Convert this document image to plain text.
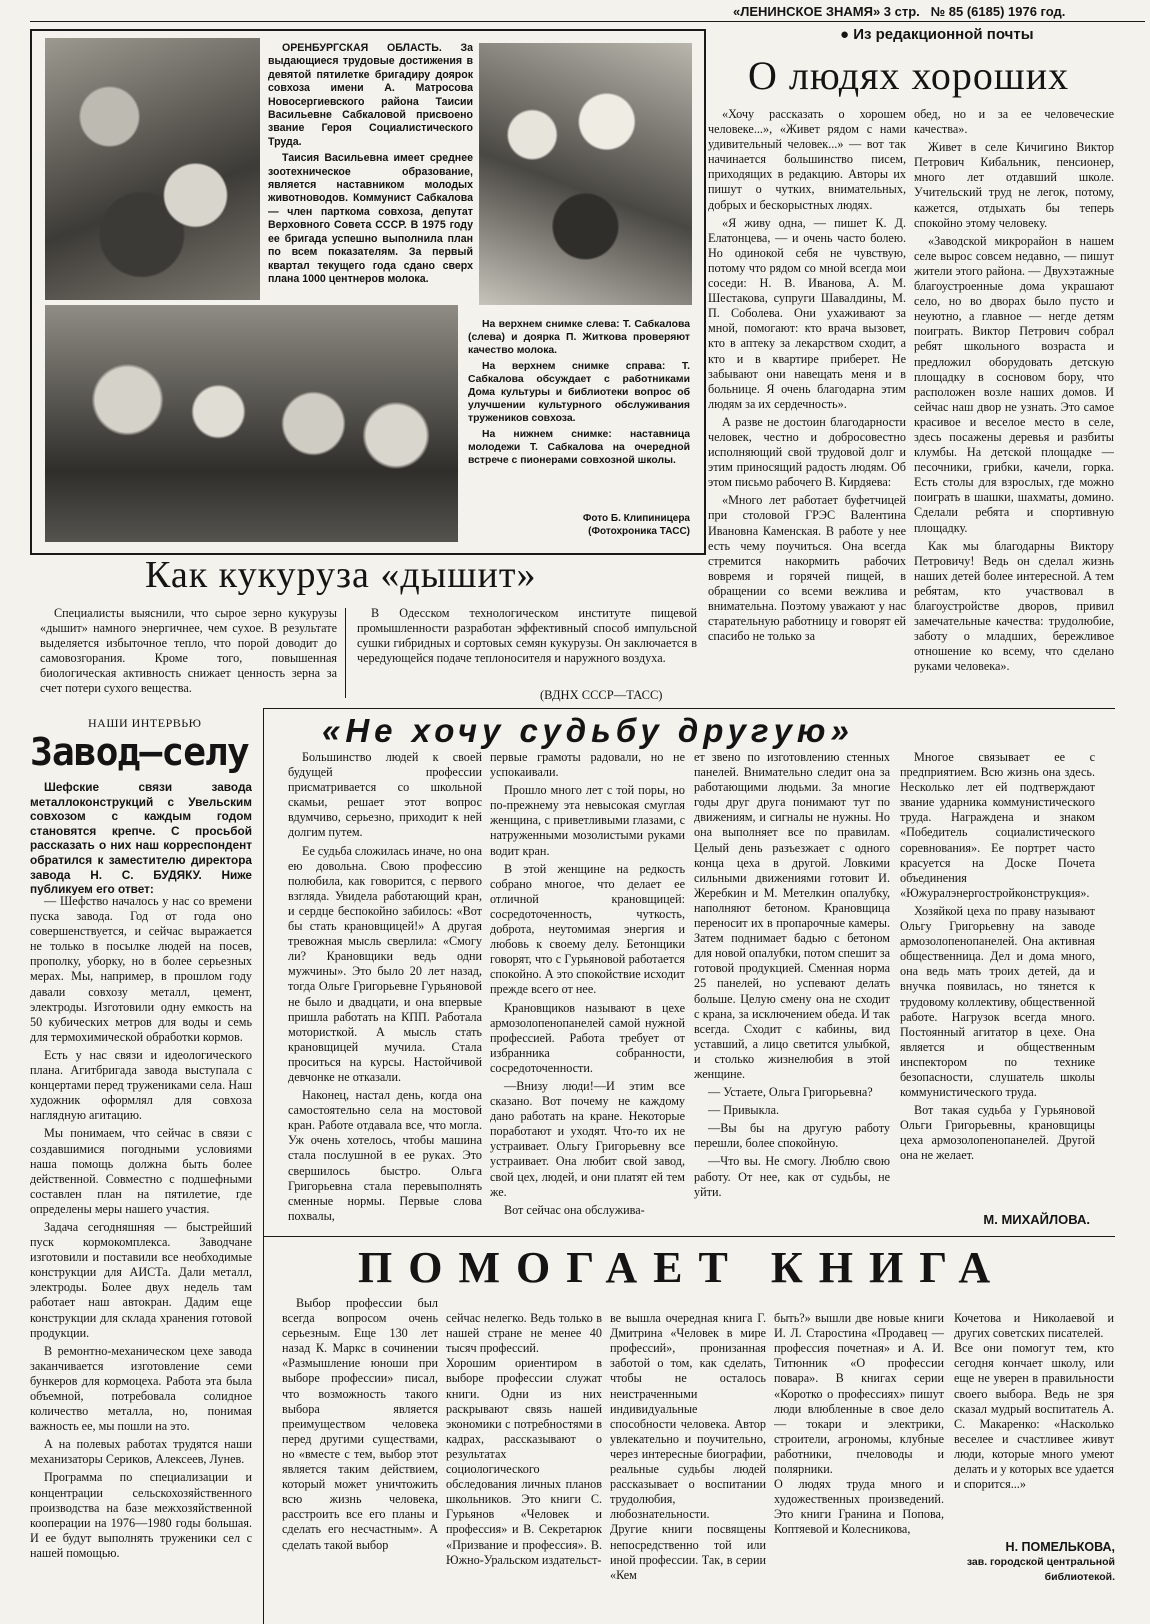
«ЛЕНИНСКОЕ ЗНАМЯ» 3 стр. № 85 (6185) 1976 год.

ОРЕНБУРГСКАЯ ОБЛАСТЬ. За выдающиеся трудовые достижения в девятой пятилетке бригадиру доярок совхоза имени А. Матросова Новосергиевского района Таисии Васильевне Сабкаловой присвоено звание Героя Социалистического Труда.

Таисия Васильевна имеет среднее зоотехническое образование, является наставником молодых животноводов. Коммунист Сабкалова — член парткома совхоза, депутат Верховного Совета СССР. В 1975 году ее бригада успешно выполнила план по всем показателям. За первый квартал текущего года сдано сверх плана 1000 центнеров молока.

На верхнем снимке слева: Т. Сабкалова (слева) и доярка П. Житкова проверяют качество молока.

На верхнем снимке справа: Т. Сабкалова обсуждает с работниками Дома культуры и библиотеки вопрос об улучшении культурного обслуживания тружеников совхоза.

На нижнем снимке: наставница молодежи Т. Сабкалова на очередной встрече с пионерами совхозной школы.

Фото Б. Клипиницера
(Фотохроника ТАСС)
● Из редакционной почты
О людях хороших

«Хочу рассказать о хорошем человеке...», «Живет рядом с нами удивительный человек...» — вот так начинается большинство писем, приходящих в редакцию. Авторы их пишут о чутких, внимательных, добрых и бескорыстных людях.

«Я живу одна, — пишет К. Д. Елатонцева, — и очень часто болею. Но одинокой себя не чувствую, потому что рядом со мной всегда мои соседи: Н. В. Иванова, А. М. Шестакова, супруги Шавалдины, М. П. Соболева. Они ухаживают за мной, помогают: кто врача вызовет, кто в аптеку за лекарством сходит, а кто и в квартире приберет. Не забывают они навещать меня и в больнице. Я очень благодарна этим людям за их сердечность».

А разве не достоин благодарности человек, честно и добросовестно исполняющий свой трудовой долг и этим приносящий радость людям. Об этом письмо рабочего В. Кирдяева:

«Много лет работает буфетчицей при столовой ГРЭС Валентина Ивановна Каменская. В работе у нее есть чему поучиться. Она всегда стремится накормить рабочих вовремя и горячей пищей, в обращении со всеми вежлива и внимательна. Поэтому уважают у нас старательную работницу и говорят ей спасибо не только за

обед, но и за ее человеческие качества».

Живет в селе Кичигино Виктор Петрович Кибальник, пенсионер, много лет отдавший школе. Учительский труд не легок, потому, кажется, отдыхать бы теперь спокойно этому человеку.

«Заводской микрорайон в нашем селе вырос совсем недавно, — пишут жители этого района. — Двухэтажные благоустроенные дома украшают село, но во дворах было пусто и неуютно, а главное — негде детям поиграть. Виктор Петрович собрал ребят школьного возраста и предложил оборудовать детскую площадку в сосновом бору, что расположен возле наших домов. И сейчас наш двор не узнать. Это самое красивое и веселое место в селе, здесь посажены деревья и разбиты клумбы. На детской площадке — песочники, грибки, качели, горка. Есть столы для взрослых, где можно поиграть в шашки, шахматы, домино. Сделали ребята и спортивную площадку.

Как мы благодарны Виктору Петровичу! Ведь он сделал жизнь наших детей более интересной. А тем ребятам, кто участвовал в благоустройстве дворов, привил замечательные качества: трудолюбие, заботу о младших, бережливое отношение ко всему, что сделано руками человека».

Как кукуруза «дышит»

Специалисты выяснили, что сырое зерно кукурузы «дышит» намного энергичнее, чем сухое. В результате выделяется избыточное тепло, что порой доводит до самовозгорания. Кроме того, повышенная биологическая активность снижает ценность зерна за счет потери сухого вещества.

В Одесском технологическом институте пищевой промышленности разработан эффективный способ импульсной сушки гибридных и сортовых семян кукурузы. Он заключается в чередующейся подаче теплоносителя и наружного воздуха.

(ВДНХ СССР—ТАСС)
НАШИ ИНТЕРВЬЮ
Завод—селу

Шефские связи завода металлоконструкций с Увельским совхозом с каждым годом становятся крепче. С просьбой рассказать о них наш корреспондент обратился к заместителю директора завода Н. С. БУДЯКУ. Ниже публикуем его ответ:

— Шефство началось у нас со времени пуска завода. Год от года оно совершенствуется, и сейчас выражается не только в посылке людей на посев, прополку, уборку, но в более серьезных мерах. Мы, например, в прошлом году давали совхозу металл, цемент, электроды. Изготовили одну емкость на 50 кубических метров для воды и семь для термохимической обработки кормов.

Есть у нас связи и идеологического плана. Агитбригада завода выступала с концертами перед тружениками села. Наш художник оформлял для совхоза наглядную агитацию.

Мы понимаем, что сейчас в связи с создавшимися погодными условиями наша помощь должна быть более действенной. Совместно с подшефными составлен план на пятилетие, где определены меры нашего участия.

Задача сегодняшняя — быстрейший пуск кормокомплекса. Заводчане изготовили и поставили все необходимые конструкции для АИСТа. Дали металл, электроды. Более двух недель там работает наш автокран. Дадим еще конструкции для склада хранения готовой продукции.

В ремонтно-механическом цехе завода заканчивается изготовление семи бункеров для кормоцеха. Работа эта была объемной, потребовала солидное количество металла, но, понимая важность ее, мы пошли на это.

А на полевых работах трудятся наши механизаторы Сериков, Алексеев, Лунев.

Программа по специализации и концентрации сельскохозяйственного производства на базе межхозяйственной кооперации на 1976—1980 годы большая. И ее будут выполнять труженики сел с нашей помощью.

«Не хочу судьбу другую»

Большинство людей к своей будущей профессии присматривается со школьной скамьи, решает этот вопрос вдумчиво, серьезно, приходит к ней долгим путем.

Ее судьба сложилась иначе, но она ею довольна. Свою профессию полюбила, как говорится, с первого взгляда. Увидела работающий кран, и сердце беспокойно забилось: «Вот бы стать крановщицей!» А другая тревожная мысль сверлила: «Смогу ли? Крановщики ведь одни мужчины». Это было 20 лет назад, тогда Ольге Григорьевне Гурьяновой не было и двадцати, и она впервые пришла работать на КПП. Работала мотористкой. А мысль стать крановщицей мучила. Стала проситься на курсы. Настойчивой девчонке не отказали.

Наконец, настал день, когда она самостоятельно села на мостовой кран. Работе отдавала все, что могла. Уж очень хотелось, чтобы машина стала послушной в ее руках. Это свершилось быстро. Ольга Григорьевна стала перевыполнять сменные нормы. Первые слова похвалы,

первые грамоты радовали, но не успокаивали.

Прошло много лет с той поры, но по-прежнему эта невысокая смуглая женщина, с приветливыми глазами, с натруженными мозолистыми руками водит кран.

В этой женщине на редкость собрано многое, что делает ее отличной крановщицей: сосредоточенность, чуткость, доброта, неутомимая энергия и любовь к своему делу. Бетонщики говорят, что с Гурьяновой работается спокойно. А это спокойствие исходит прежде всего от нее.

Крановщиков называют в цехе армозолопенопанелей самой нужной профессией. Работа требует от избранника собранности, сосредоточенности.

—Внизу люди!—И этим все сказано. Вот почему не каждому дано работать на кране. Некоторые поработают и уходят. Что-то их не устраивает. Ольгу Григорьевну все устраивает. Она любит свой завод, свой цех, людей, и они платят ей тем же.

Вот сейчас она обслужива-

ет звено по изготовлению стенных панелей. Внимательно следит она за работающими людьми. За многие годы друг друга понимают тут по движениям, и сигналы не нужны. Но она выполняет все по правилам. Целый день разъезжает с одного конца цеха в другой. Ловкими сильными движениями готовит И. Жеребкин и М. Метелкин опалубку, наполняют бетоном. Крановщица переносит их в пропарочные камеры. Затем поднимает бадью с бетоном для новой опалубки, потом спешит за готовой продукцией. Сменная норма 25 панелей, но успевают делать больше. Целую смену она не сходит с крана, за исключением обеда. И так всегда. Сходит с кабины, вид уставший, а лицо светится улыбкой, и столько жизнелюбия в этой женщине.

— Устаете, Ольга Григорьевна?

— Привыкла.

—Вы бы на другую работу перешли, более спокойную.

—Что вы. Не смогу. Люблю свою работу. От нее, как от судьбы, не уйти.

Многое связывает ее с предприятием. Всю жизнь она здесь. Несколько лет ей подтверждают звание ударника коммунистического труда. Награждена и знаком «Победитель социалистического соревнования». Ее портрет часто красуется на Доске Почета объединения «Южуралэнергостройконструкция».

Хозяйкой цеха по праву называют Ольгу Григорьевну на заводе армозолопенопанелей. Она активная общественница. Дел и дома много, она ведь мать троих детей, да и внучка появилась, но тянется к трудовому коллективу, общественной работе. Нагрузок всегда много. Постоянный агитатор в цехе. Она является и общественным инспектором по технике безопасности, слушатель школы коммунистического труда.

Вот такая судьба у Гурьяновой Ольги Григорьевны, крановщицы цеха армозолопенопанелей. Другой она не желает.

М. МИХАЙЛОВА.
ПОМОГАЕТ КНИГА

Выбор профессии был всегда вопросом очень серьезным. Еще 130 лет назад К. Маркс в сочинении «Размышление юноши при выборе профессии» писал, что возможность такого выбора является преимуществом человека перед другими существами, но «вместе с тем, выбор этот является таким действием, который может уничтожить всю жизнь человека, расстроить все его планы и сделать его несчастным». А сделать такой выбор

сейчас нелегко. Ведь только в нашей стране не менее 40 тысяч профессий.
Хорошим ориентиром в выборе профессии служат книги. Одни из них раскрывают связь нашей экономики с потребностями в кадрах, рассказывают о результатах социологического обследования личных планов школьников. Это книги С. Гурьянов «Человек и профессия» и В. Секретарюк «Призвание и профессия». В. Южно-Уральском издательст-

ве вышла очередная книга Г. Дмитрина «Человек в мире профессий», пронизанная заботой о том, как сделать, чтобы не осталось неистраченными индивидуальные способности человека. Автор увлекательно и поучительно, через интересные биографии, реальные судьбы людей рассказывает о воспитании трудолюбия, любознательности.
Другие книги посвящены непосредственно той или иной профессии. Так, в серии «Кем

быть?» вышли две новые книги И. Л. Старостина «Продавец — профессия почетная» и А. И. Титюнник «О профессии повара». В книгах серии «Коротко о профессиях» пишут люди влюбленные в свое дело — токари и электрики, строители, агрономы, клубные работники, пчеловоды и полярники.
О людях труда много и художественных произведений. Это книги Гранина и Попова, Коптяевой и Колесникова,

Кочетова и Николаевой и других советских писателей.
Все они помогут тем, кто сегодня кончает школу, или еще не уверен в правильности своего выбора. Ведь не зря сказал мудрый воспитатель А. С. Макаренко: «Насколько веселее и счастливее живут люди, которые много умеют делать и у которых все удается и спорится...»

Н. ПОМЕЛЬКОВА,
зав. городской центральной библиотекой.
